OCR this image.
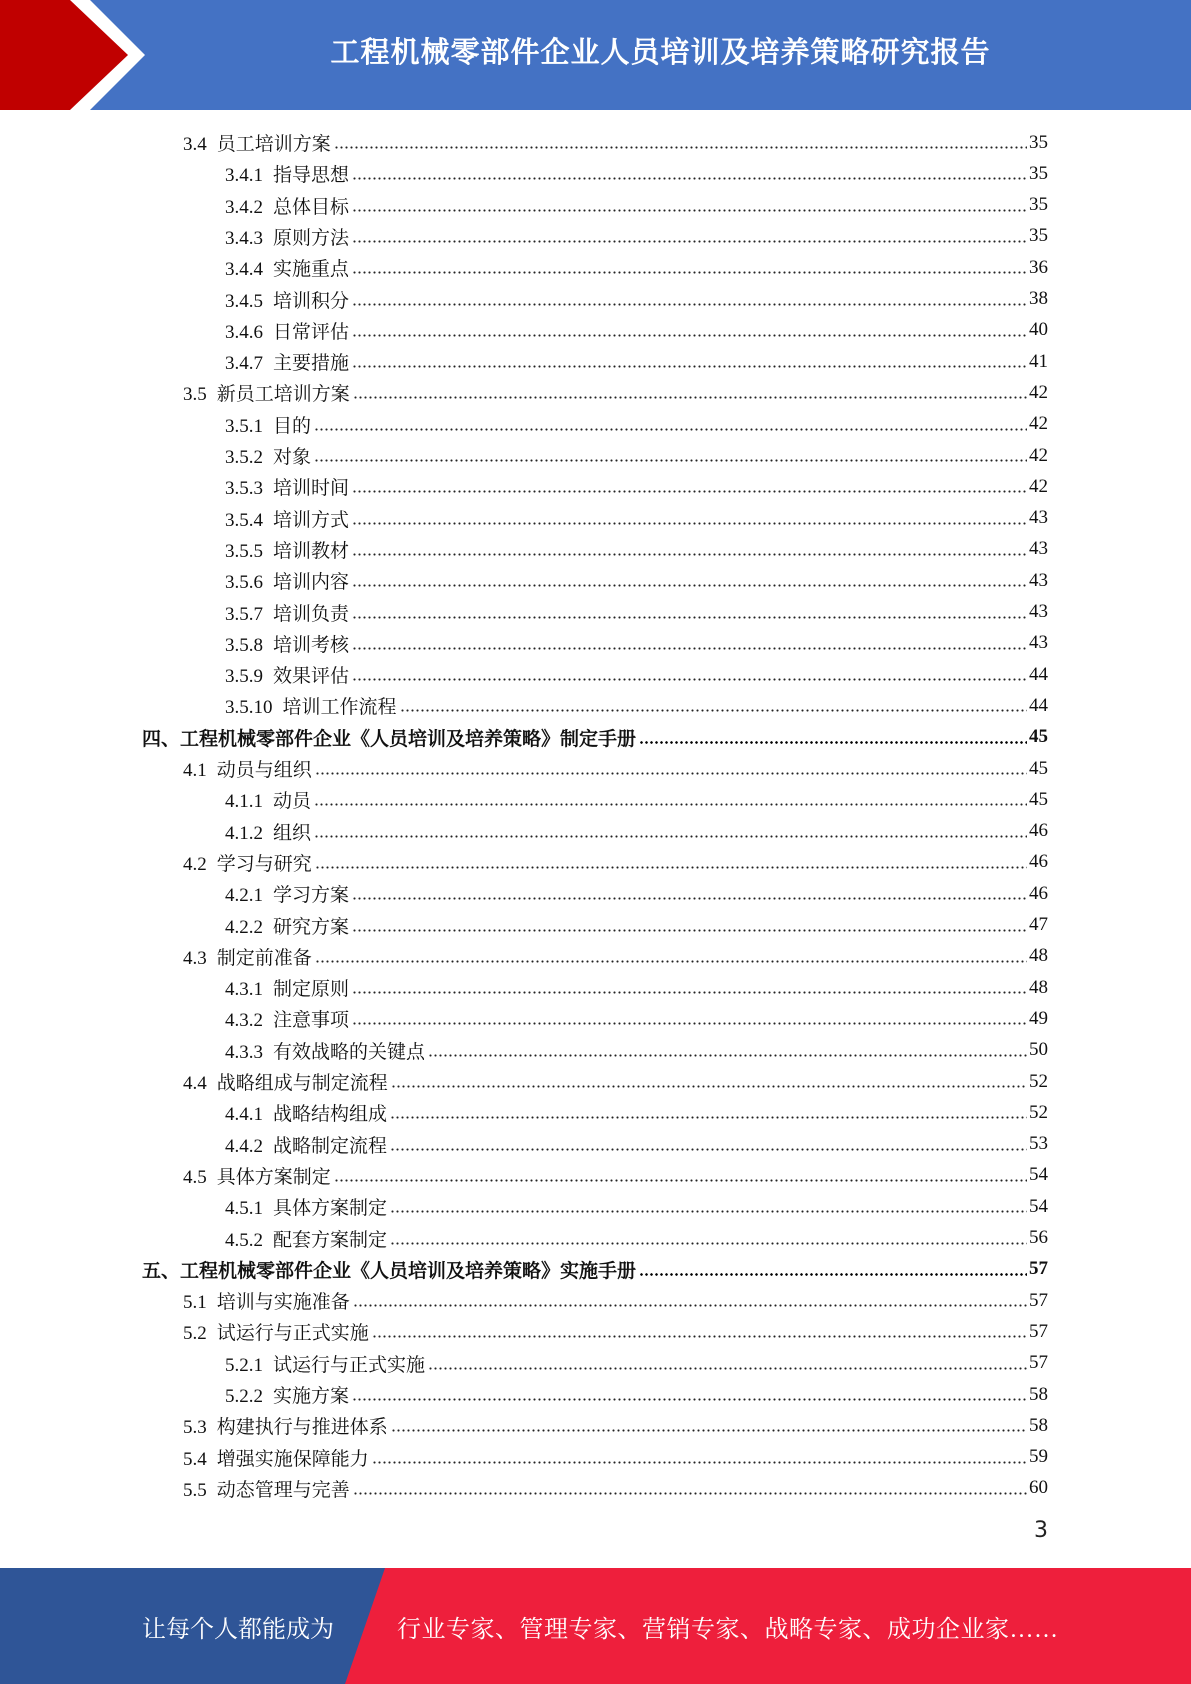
工程机械零部件企业人员培训及培养策略研究报告
3.4 员工培训方案	35
3.4.1 指导思想	35
3.4.2 总体目标	35
3.4.3 原则方法	35
3.4.4 实施重点	36
3.4.5 培训积分	38
3.4.6 日常评估	40
3.4.7 主要措施	41
3.5 新员工培训方案	42
3.5.1 目的	42
3.5.2 对象	42
3.5.3 培训时间	42
3.5.4 培训方式	43
3.5.5 培训教材	43
3.5.6 培训内容	43
3.5.7 培训负责	43
3.5.8 培训考核	43
3.5.9 效果评估	44
3.5.10 培训工作流程	44
四、工程机械零部件企业《人员培训及培养策略》制定手册	45
4.1 动员与组织	45
4.1.1 动员	45
4.1.2 组织	46
4.2 学习与研究	46
4.2.1 学习方案	46
4.2.2 研究方案	47
4.3 制定前准备	48
4.3.1 制定原则	48
4.3.2 注意事项	49
4.3.3 有效战略的关键点	50
4.4 战略组成与制定流程	52
4.4.1 战略结构组成	52
4.4.2 战略制定流程	53
4.5 具体方案制定	54
4.5.1 具体方案制定	54
4.5.2 配套方案制定	56
五、工程机械零部件企业《人员培训及培养策略》实施手册	57
5.1 培训与实施准备	57
5.2 试运行与正式实施	57
5.2.1 试运行与正式实施	57
5.2.2 实施方案	58
5.3 构建执行与推进体系	58
5.4 增强实施保障能力	59
5.5 动态管理与完善	60
3
让每个人都能成为	行业专家、管理专家、营销专家、战略专家、成功企业家……
